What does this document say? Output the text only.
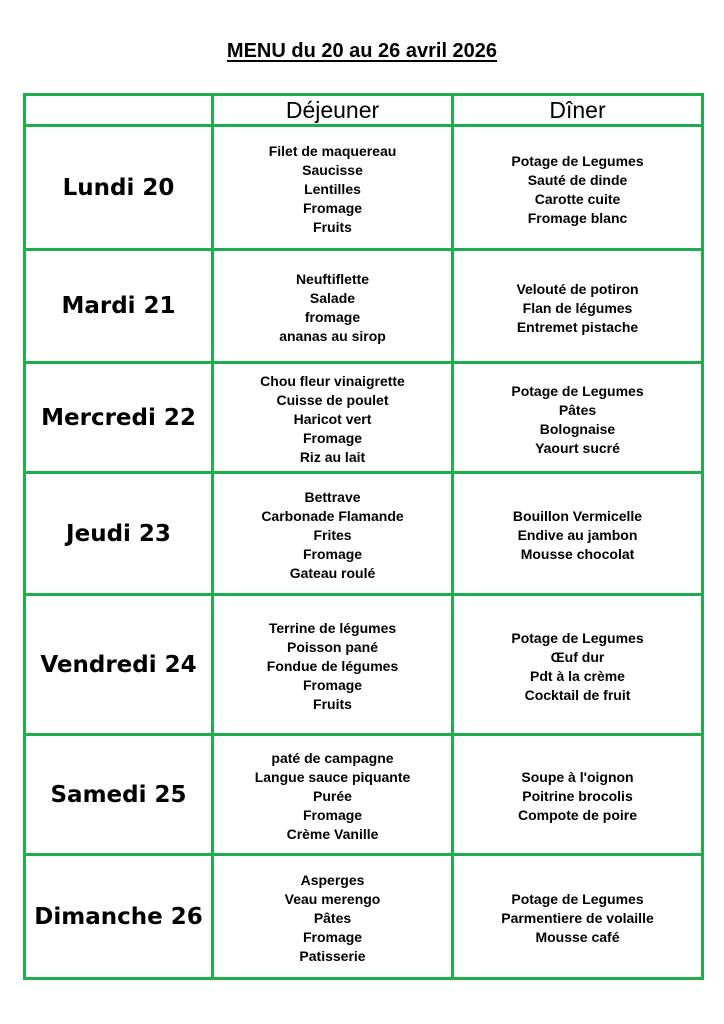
MENU du 20 au 26 avril 2026
	Déjeuner	Dîner
Lundi 20	Filet de maquereau
Saucisse
Lentilles
Fromage
Fruits	Potage de Legumes
Sauté de dinde
Carotte cuite
Fromage blanc

Mardi 21	Neuftiflette
Salade
fromage
ananas au sirop	Velouté de potiron
Flan de légumes
Entremet pistache

Mercredi 22	Chou fleur vinaigrette
Cuisse de poulet
Haricot vert
Fromage
Riz au lait	Potage de Legumes
Pâtes
Bolognaise
Yaourt sucré

Jeudi 23	Bettrave
Carbonade Flamande
Frites
Fromage
Gateau roulé	Bouillon Vermicelle
Endive au jambon
Mousse chocolat

Vendredi 24	Terrine de légumes
Poisson pané
Fondue de légumes
Fromage
Fruits	Potage de Legumes
Œuf dur
Pdt à la crème
Cocktail de fruit

Samedi 25	paté de campagne
Langue sauce piquante
Purée
Fromage
Crème Vanille	Soupe à l'oignon
Poitrine brocolis
Compote de poire

Dimanche 26	Asperges
Veau merengo
Pâtes
Fromage
Patisserie	Potage de Legumes
Parmentiere de volaille
Mousse café
